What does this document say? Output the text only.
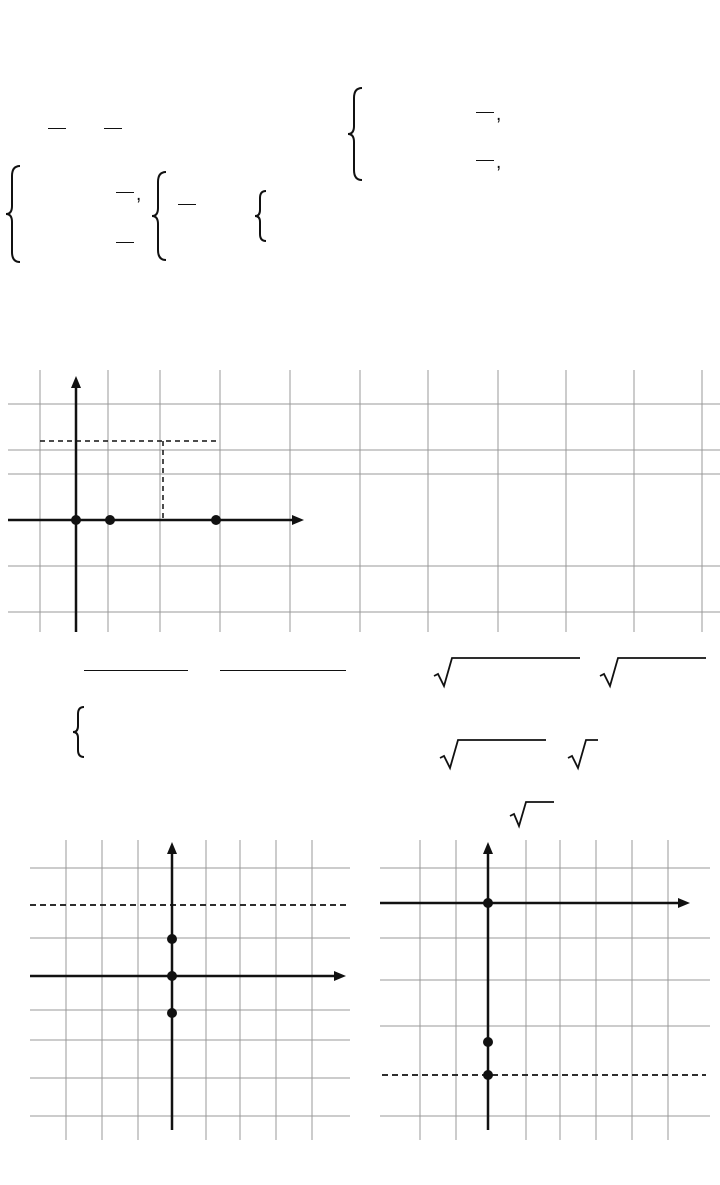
,
,
,
